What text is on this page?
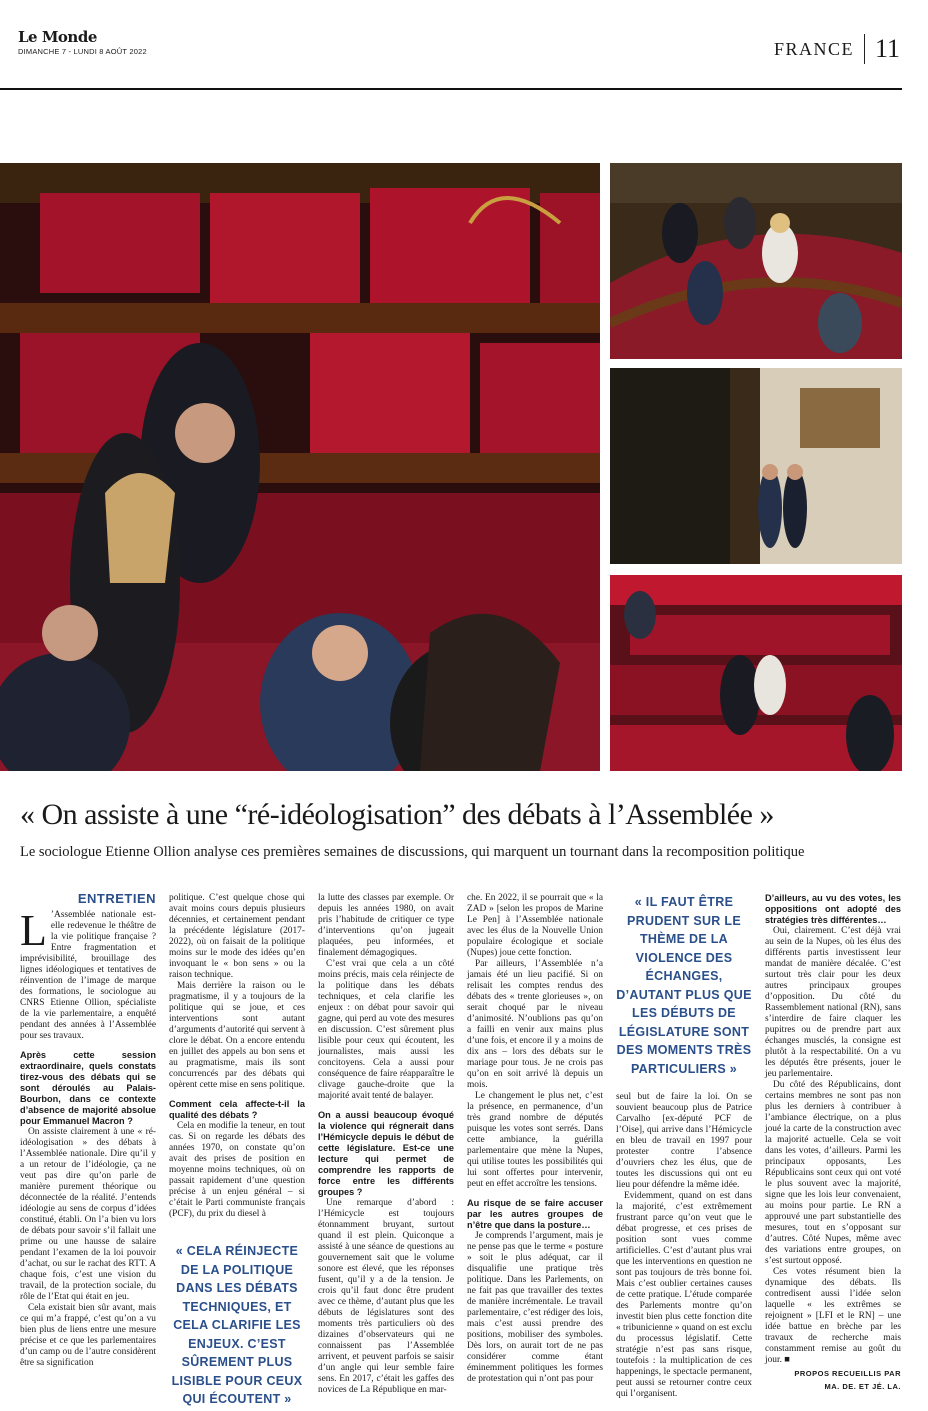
Le Monde
DIMANCHE 7 - LUNDI 8 AOÛT 2022	FRANCE 11
« On assiste à une “ré-idéologisation” des débats à l’Assemblée »
Le sociologue Etienne Ollion analyse ces premières semaines de discussions, qui marquent un tournant dans la recomposition politique
ENTRETIEN

L ’Assemblée nationale est-elle redevenue le théâtre de la vie politique française ? Entre fragmentation et imprévisibilité, brouillage des lignes idéologiques et tentatives de réinvention de l’image de marque des formations, le sociologue au CNRS Etienne Ollion, spécialiste de la vie parlementaire, a enquêté pendant des années à l’Assemblée pour ses travaux.

Après cette session extraordinaire, quels constats tirez-vous des débats qui se sont déroulés au Palais-Bourbon, dans ce contexte d’absence de majorité absolue pour Emmanuel Macron ?

On assiste clairement à une « ré-idéologisation » des débats à l’Assemblée nationale. Dire qu’il y a un retour de l’idéologie, ça ne veut pas dire qu’on parle de manière purement théorique ou déconnectée de la réalité. J’entends idéologie au sens de corpus d’idées constitué, établi. On l’a bien vu lors de débats pour savoir s’il fallait une prime ou une hausse de salaire pendant l’examen de la loi pouvoir d’achat, ou sur le rachat des RTT. A chaque fois, c’est une vision du travail, de la protection sociale, du rôle de l’Etat qui était en jeu.

Cela existait bien sûr avant, mais ce qui m’a frappé, c’est qu’on a vu bien plus de liens entre une mesure précise et ce que les parlementaires d’un camp ou de l’autre considèrent être sa signification

politique. C’est quelque chose qui avait moins cours depuis plusieurs décennies, et certainement pendant la précédente législature (2017-2022), où on faisait de la politique moins sur le mode des idées qu’en invoquant le « bon sens » ou la raison technique.

Mais derrière la raison ou le pragmatisme, il y a toujours de la politique qui se joue, et ces interventions sont autant d’arguments d’autorité qui servent à clore le débat. On a encore entendu en juillet des appels au bon sens et au pragmatisme, mais ils sont concurrencés par des débats qui opèrent cette mise en sens politique.

Comment cela affecte-t-il la qualité des débats ?

Cela en modifie la teneur, en tout cas. Si on regarde les débats des années 1970, on constate qu’on avait des prises de position en moyenne moins techniques, où on passait rapidement d’une question précise à un enjeu général – si c’était le Parti communiste français (PCF), du prix du diesel à

« CELA RÉINJECTE DE LA POLITIQUE DANS LES DÉBATS TECHNIQUES, ET CELA CLARIFIE LES ENJEUX. C’EST SÛREMENT PLUS LISIBLE POUR CEUX QUI ÉCOUTENT »

la lutte des classes par exemple. Or depuis les années 1980, on avait pris l’habitude de critiquer ce type d’interventions qu’on jugeait plaquées, peu informées, et finalement démagogiques.

C’est vrai que cela a un côté moins précis, mais cela réinjecte de la politique dans les débats techniques, et cela clarifie les enjeux : on débat pour savoir qui gagne, qui perd au vote des mesures en discussion. C’est sûrement plus lisible pour ceux qui écoutent, les journalistes, mais aussi les concitoyens. Cela a aussi pour conséquence de faire réapparaître le clivage gauche-droite que la majorité avait tenté de balayer.

On a aussi beaucoup évoqué la violence qui régnerait dans l’Hémicycle depuis le début de cette législature. Est-ce une lecture qui permet de comprendre les rapports de force entre les différents groupes ?

Une remarque d’abord : l’Hémicycle est toujours étonnamment bruyant, surtout quand il est plein. Quiconque a assisté à une séance de questions au gouvernement sait que le volume sonore est élevé, que les réponses fusent, qu’il y a de la tension. Je crois qu’il faut donc être prudent avec ce thème, d’autant plus que les débuts de législatures sont des moments très particuliers où des dizaines d’observateurs qui ne connaissent pas l’Assemblée arrivent, et peuvent parfois se saisir d’un angle qui leur semble faire sens. En 2017, c’était les gaffes des novices de La République en mar-

che. En 2022, il se pourrait que « la ZAD » [selon les propos de Marine Le Pen] à l’Assemblée nationale avec les élus de la Nouvelle Union populaire écologique et sociale (Nupes) joue cette fonction.

Par ailleurs, l’Assemblée n’a jamais été un lieu pacifié. Si on relisait les comptes rendus des débats des « trente glorieuses », on serait choqué par le niveau d’animosité. N’oublions pas qu’on a failli en venir aux mains plus d’une fois, et encore il y a moins de dix ans – lors des débats sur le mariage pour tous. Je ne crois pas qu’on en soit arrivé là depuis un mois.

Le changement le plus net, c’est la présence, en permanence, d’un très grand nombre de députés puisque les votes sont serrés. Dans cette ambiance, la guérilla parlementaire que mène la Nupes, qui utilise toutes les possibilités qui lui sont offertes pour intervenir, peut en effet accroître les tensions.

Au risque de se faire accuser par les autres groupes de n’être que dans la posture…

Je comprends l’argument, mais je ne pense pas que le terme « posture » soit le plus adéquat, car il disqualifie une pratique très politique. Dans les Parlements, on ne fait pas que travailler des textes de manière incrémentale. Le travail parlementaire, c’est rédiger des lois, mais c’est aussi prendre des positions, mobiliser des symboles. Dès lors, on aurait tort de ne pas considérer comme étant éminemment politiques les formes de protestation qui n’ont pas pour

« IL FAUT ÊTRE PRUDENT SUR LE THÈME DE LA VIOLENCE DES ÉCHANGES, D’AUTANT PLUS QUE LES DÉBUTS DE LÉGISLATURE SONT DES MOMENTS TRÈS PARTICULIERS »

seul but de faire la loi. On se souvient beaucoup plus de Patrice Carvalho [ex-député PCF de l’Oise], qui arrive dans l’Hémicycle en bleu de travail en 1997 pour protester contre l’absence d’ouvriers chez les élus, que de toutes les discussions qui ont eu lieu pour défendre la même idée.

Evidemment, quand on est dans la majorité, c’est extrêmement frustrant parce qu’on veut que le débat progresse, et ces prises de position sont vues comme artificielles. C’est d’autant plus vrai que les interventions en question ne sont pas toujours de très bonne foi. Mais c’est oublier certaines causes de cette pratique. L’étude comparée des Parlements montre qu’on investit bien plus cette fonction dite « tribunicienne » quand on est exclu du processus législatif. Cette stratégie n’est pas sans risque, toutefois : la multiplication de ces happenings, le spectacle permanent, peut aussi se retourner contre ceux qui l’organisent.

D’ailleurs, au vu des votes, les oppositions ont adopté des stratégies très différentes…

Oui, clairement. C’est déjà vrai au sein de la Nupes, où les élus des différents partis investissent leur mandat de manière décalée. C’est surtout très clair pour les deux autres principaux groupes d’opposition. Du côté du Rassemblement national (RN), sans s’interdire de faire claquer les pupitres ou de prendre part aux échanges musclés, la consigne est plutôt à la respectabilité. On a vu les députés être présents, jouer le jeu parlementaire.

Du côté des Républicains, dont certains membres ne sont pas non plus les derniers à contribuer à l’ambiance électrique, on a plus joué la carte de la construction avec la majorité actuelle. Cela se voit dans les votes, d’ailleurs. Parmi les principaux opposants, Les Républicains sont ceux qui ont voté le plus souvent avec la majorité, signe que les lois leur convenaient, au moins pour partie. Le RN a approuvé une part substantielle des mesures, tout en s’opposant sur d’autres. Côté Nupes, même avec des variations entre groupes, on s’est surtout opposé.

Ces votes résument bien la dynamique des débats. Ils contredisent aussi l’idée selon laquelle « les extrêmes se rejoignent » [LFI et le RN] – une idée battue en brèche par les travaux de recherche mais constamment remise au goût du jour. ■

PROPOS RECUEILLIS PAR
MA. DE. ET JÉ. LA.
